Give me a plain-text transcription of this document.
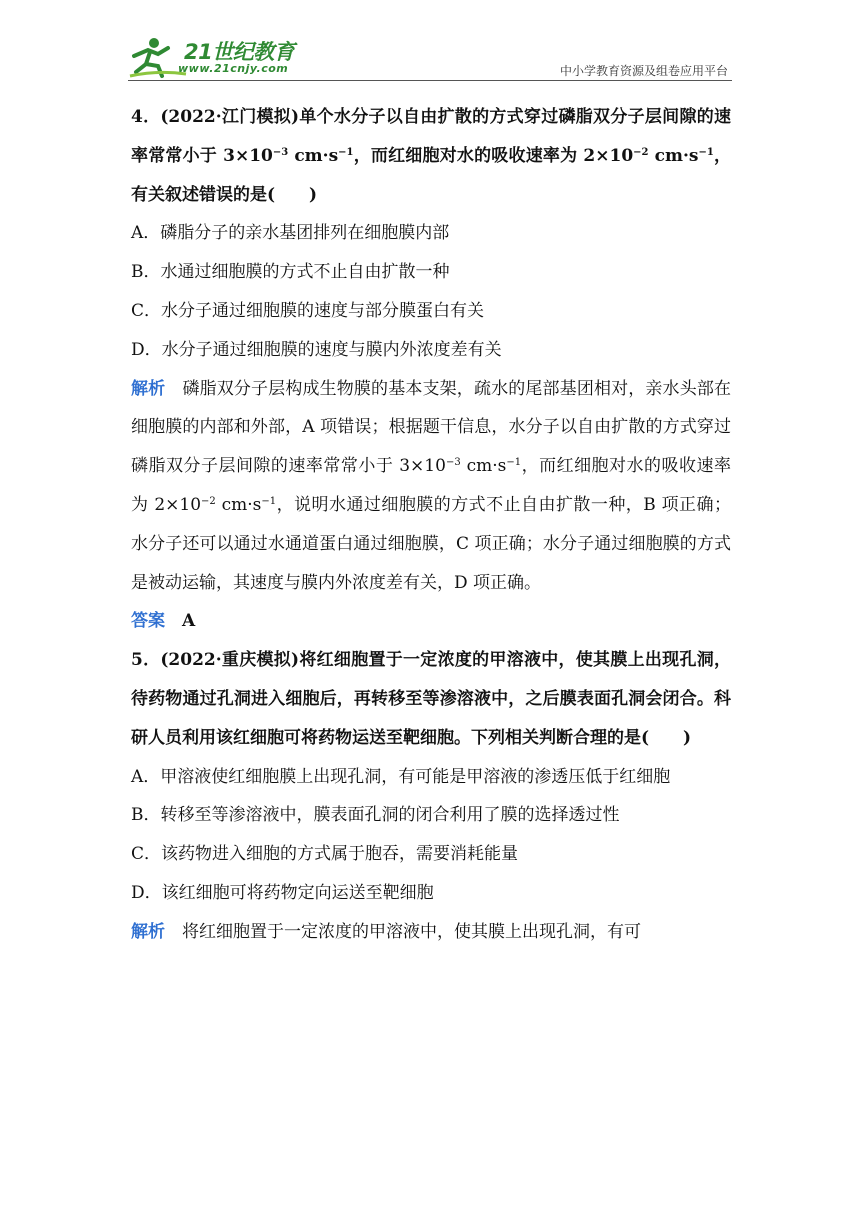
21世纪教育
www.21cnjy.com	中小学教育资源及组卷应用平台

4．(2022·江门模拟)单个水分子以自由扩散的方式穿过磷脂双分子层间隙的速率常常小于 $3\times 10^{-3}$ $cm\cdot s^{-1}$，而红细胞对水的吸收速率为 $2\times 10^{-2}$ $cm\cdot s^{-1}$，有关叙述错误的是(　　)

A．磷脂分子的亲水基团排列在细胞膜内部

B．水通过细胞膜的方式不止自由扩散一种

C．水分子通过细胞膜的速度与部分膜蛋白有关

D．水分子通过细胞膜的速度与膜内外浓度差有关

解析　磷脂双分子层构成生物膜的基本支架，疏水的尾部基团相对，亲水头部在细胞膜的内部和外部，A 项错误；根据题干信息，水分子以自由扩散的方式穿过磷脂双分子层间隙的速率常常小于 $3\times 10^{-3}$ $cm\cdot s^{-1}$，而红细胞对水的吸收速率为 $2\times 10^{-2}$ $cm\cdot s^{-1}$，说明水通过细胞膜的方式不止自由扩散一种，B 项正确；水分子还可以通过水通道蛋白通过细胞膜，C 项正确；水分子通过细胞膜的方式是被动运输，其速度与膜内外浓度差有关，D 项正确。

答案　 A

5．(2022·重庆模拟)将红细胞置于一定浓度的甲溶液中，使其膜上出现孔洞，待药物通过孔洞进入细胞后，再转移至等渗溶液中，之后膜表面孔洞会闭合。科研人员利用该红细胞可将药物运送至靶细胞。下列相关判断合理的是(　　)

A．甲溶液使红细胞膜上出现孔洞，有可能是甲溶液的渗透压低于红细胞

B．转移至等渗溶液中，膜表面孔洞的闭合利用了膜的选择透过性

C．该药物进入细胞的方式属于胞吞，需要消耗能量

D．该红细胞可将药物定向运送至靶细胞

解析　将红细胞置于一定浓度的甲溶液中，使其膜上出现孔洞，有可
